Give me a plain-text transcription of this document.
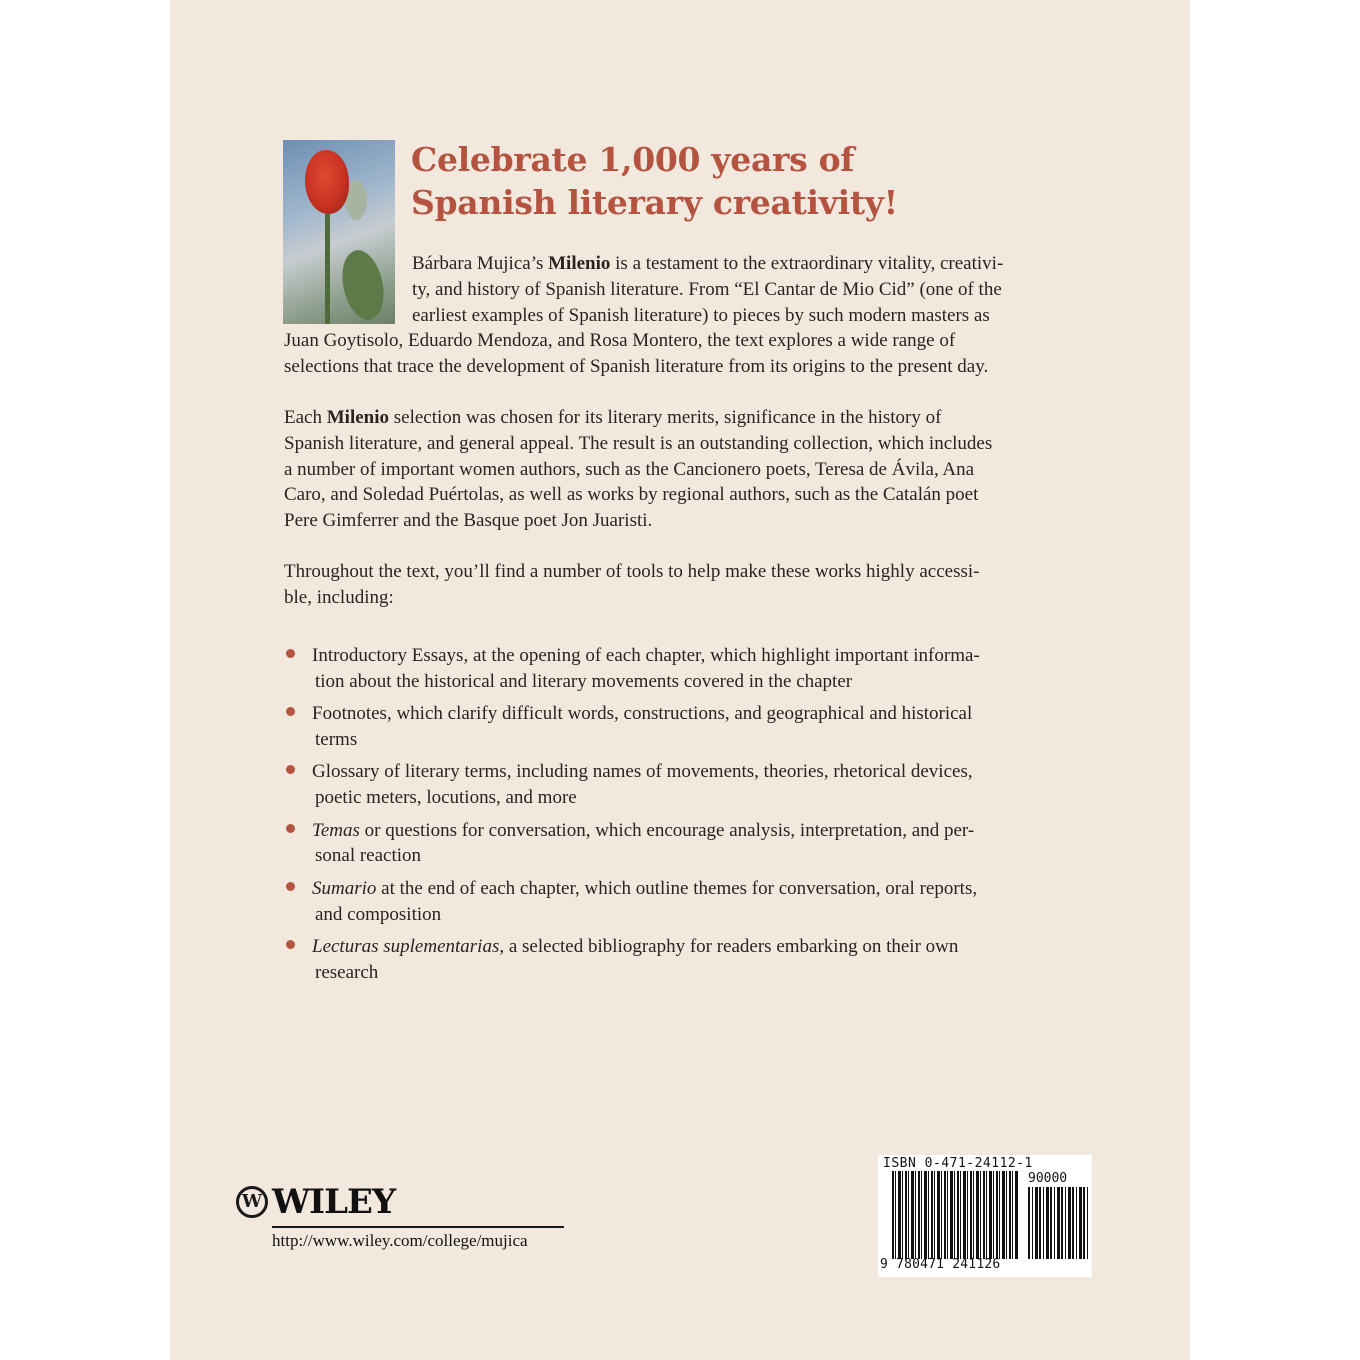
Celebrate 1,000 years of
Spanish literary creativity!

Bárbara Mujica’s Milenio is a testament to the extraordinary vitality, creativi-
ty, and history of Spanish literature. From “El Cantar de Mio Cid” (one of the
earliest examples of Spanish literature) to pieces by such modern masters as
Juan Goytisolo, Eduardo Mendoza, and Rosa Montero, the text explores a wide range of
selections that trace the development of Spanish literature from its origins to the present day.

Each Milenio selection was chosen for its literary merits, significance in the history of
Spanish literature, and general appeal. The result is an outstanding collection, which includes
a number of important women authors, such as the Cancionero poets, Teresa de Ávila, Ana
Caro, and Soledad Puértolas, as well as works by regional authors, such as the Catalán poet
Pere Gimferrer and the Basque poet Jon Juaristi.

Throughout the text, you’ll find a number of tools to help make these works highly accessi-
ble, including:

Introductory Essays, at the opening of each chapter, which highlight important informa-
tion about the historical and literary movements covered in the chapter
Footnotes, which clarify difficult words, constructions, and geographical and historical
terms
Glossary of literary terms, including names of movements, theories, rhetorical devices,
poetic meters, locutions, and more
Temas or questions for conversation, which encourage analysis, interpretation, and per-
sonal reaction
Sumario at the end of each chapter, which outline themes for conversation, oral reports,
and composition
Lecturas suplementarias, a selected bibliography for readers embarking on their own
research
W WILEY
http://www.wiley.com/college/mujica
ISBN 0-471-24112-1
90000
9 780471 241126
